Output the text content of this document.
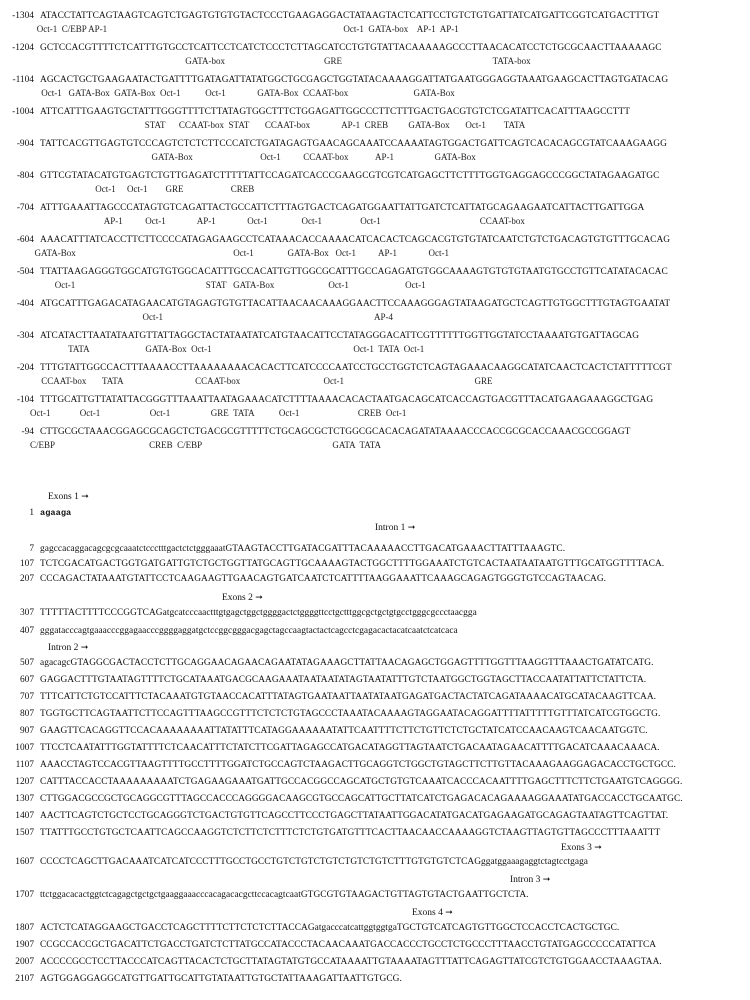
-1304 ATACCTATTCAGTAAGTCAGTCTGAGTGTGTGTACTCCCTGAAGAGGACTATAAGTACTCATTCCTGTCTGTGATTATCATGATTCGGTCATGACTTTGT
Oct-1  C/EBP AP-1                                                                                                         Oct-1  GATA-box    AP-1  AP-1
-1204 GCTCCACGTTTTCTCATTTGTGCCTCATTCCTCATCTCCCTCTTAGCATCCTGTGTATTACAAAAAGCCCTTAACACATCCTCTGCGCAACTTAAAAAGC
GATA-box                                            GRE                                                                   TATA-box
-1104 AGCACTGCTGAAGAATACTGATTTTGATAGATTATATGGCTGCGAGCTGGTATACAAAAGGATTATGAATGGGAGGTAAATGAAGCACTTAGTGATACAG
Oct-1   GATA-Box  GATA-Box  Oct-1           Oct-1              GATA-Box  CCAAT-box                             GATA-Box
-1004 ATTCATTTGAAGTGCTATTTGGGTTTTCTTATAGTGGCTTTCTGGAGATTGGCCCTTCTTTGACTGACGTGTCTCGATATTCACATTTAAGCCTTT
STAT      CCAAT-box  STAT       CCAAT-box              AP-1  CREB         GATA-Box       Oct-1        TATA
-904 TATTCACGTTGAGTGTCCCAGTCTCTCTTCCCATCTGATAGAGTGAACAGCAAATCCAAAATAGTGGACTGATTCAGTCACACAGCGTATCAAAGAAGG
GATA-Box                              Oct-1          CCAAT-box            AP-1                  GATA-Box
-804 GTTCGTATACATGTGAGTCTGTTGAGATCTTTTTATTCCAGATCACCCGAAGCGTCGTCATGAGCTTCTTTTGGTGAGGAGCCCGGCTATAGAAGATGC
Oct-1     Oct-1        GRE                     CREB
-704 ATTTGAAATTAGCCCATAGTGTCAGATTACTGCCATTCTTTAGTGACTCAGATGGAATTATTGATCTCATTATGCAGAAGAATCATTACTTGATTGGA
AP-1          Oct-1              AP-1              Oct-1               Oct-1                 Oct-1                                            CCAAT-box
-604 AAACATTTATCACCTTCTTCCCCATAGAGAAGCCTCATAAACACCAAAACATCACACTCAGCACGTGTGTATCAATCTGTCTGACAGTGTGTTTGCACAG
GATA-Box                                                                      Oct-1               GATA-Box   Oct-1          AP-1              Oct-1
-504 TTATTAAGAGGGTGGCATGTGTGGCACATTTGCCACATTGTTGGCGCATTTGCCAGAGATGTGGCAAAAGTGTGTGTAATGTGCCTGTTCATATACACAC
Oct-1                                                          STAT   GATA-Box                        Oct-1                         Oct-1
-404 ATGCATTTGAGACATAGAACATGTAGAGTGTGTTACATTAACAACAAAGGAACTTCCAAAGGGAGTATAAGATGCTCAGTTGTGGCTTTGTAGTGAATAT
Oct-1                                                                                              AP-4
-304 ATCATACTTAATATAATGTTATTAGGCTACTATAATATCATGTAACATTCCTATAGGGACATTCGTTTTTTGGTTGGTATCCTAAAATGTGATTAGCAG
TATA                         GATA-Box  Oct-1                                                               Oct-1  TATA  Oct-1
-204 TTTGTATTGGCCACTTTAAAACCTTAAAAAAAACACACTTCATCCCCAATCCTGCCTGGTCTCAGTAGAAACAAGGCATATCAACTCACTCTATTTTTCGT
CCAAT-box       TATA                                CCAAT-box                                     Oct-1                                                          GRE
-104 TTTGCATTGTTATATTACGGGTTTAAATTAATAGAAACATCTTTTAAAACACACTAATGACAGCATCACCAGTGACGTTTACATGAAGAAAGGCTGAG
Oct-1             Oct-1                      Oct-1                  GRE  TATA           Oct-1                          CREB  Oct-1
-94 CTTGCGCTAAACGGAGCGCAGCTCTGACGCGTTTTTCTGCAGCGCTCTGGCGCACACAGATATAAAACCCACCGCGCACCAAACGCCGGAGT
C/EBP                                          CREB  C/EBP                                                          GATA  TATA
Exons 1 ➞
1 agaaga
Intron 1 ➞
7 gagccacaggacagcgcgcaaatctccctttgactctctgggaaatGTAAGTACCTTGATACGATTTACAAAAACCTTGACATGAAACTTATTTAAAGTC.
107 TCTCGACATGACTGGTGATGATTGTCTGCTGGTTATGCAGTTGCAAAAGTACTGGCTTTTGGAAATCTGTCACTAATAATAATGTTTGCATGGTTTTACA.
207 CCCAGACTATAAATGTATTCCTCAAGAAGTTGAACAGTGATCAATCTCATTTTAAGGAAATTCAAAGCAGAGTGGGTGTCCAGTAACAG.
Exons 2 ➞
307 TTTTTACTTTTCCCGGTCAGatgcatcccaactttgtgagctggctggggactctggggttcctgctttggcgctgctgtgcctgggcgccctaacgga
407 gggatacccagtgaaacccggagaacccggggaggatgctccggcgggacgagctagccaagtactactcagcctcgagacactacatcaatctcatcaca
Intron 2 ➞
507 agacagcGTAGGCGACTACCTCTTGCAGGAACAGAACAGAATATAGAAAGCTTATTAACAGAGCTGGAGTTTTGGTTTAAGGTTTAAACTGATATCATG.
607 GAGGACTTTGTAATAGTTTTCTGCATAAATGACGCAAGAAATAATAATATAGTAATATTTGTCTAATGGCTGGTAGCTTACCAATATTATTCTATTCTA.
707 TTTCATTCTGTCCATTTCTACAAATGTGTAACCACATTTATAGTGAATAATTAATATAATGAGATGACTACTATCAGATAAAACATGCATACAAGTTCAA.
807 TGGTGCTTCAGTAATTCTTCCAGTTTAAGCCGTTTCTCTCTGTAGCCCTAAATACAAAAGTAGGAATACAGGATTTTATTTTTGTTTATCATCGTGGCTG.
907 GAAGTTCACAGGTTCCACAAAAAAAATTATATTTCATAGGAAAAAATATTCAATTTTCTTCTGTTCTCTGCTATCATCCAACAAGTCAACAATGGTC.
1007 TTCCTCAATATTTGGTATTTTCTCAACATTTCTATCTTCGATTAGAGCCATGACATAGGTTAGTAATCTGACAATAGAACATTTTGACATCAAACAAACA.
1107 AAACCTAGTCCACGTTAAGTTTTGCCTTTTGGATCTGCCAGTCTAAGACTTGCAGGTCTGGCTGTAGCTTCTTGTTACAAAGAAGGAGACACCTGCTGCC.
1207 CATTTACCACCTAAAAAAAAATCTGAGAAGAAATGATTGCCACGGCCAGCATGCTGTGTCAAATCACCCACAATTTTGAGCTTTCTTCTGAATGTCAGGGG.
1307 CTTGGACGCCGCTGCAGGCGTTTAGCCACCCAGGGGACAAGCGTGCCAGCATTGCTTATCATCTGAGACACAGAAAAGGAAATATGACCACCTGCAATGC.
1407 AACTTCAGTCTGCTCCTGCAGGGTCTGACTGTGTTCAGCCTTCCCTGAGCTTATAATTGGACATATGACATGAGAAGATGCAGAGTAATAGTTCAGTTAT.
1507 TTATTTGCCTGTGCTCAATTCAGCCAAGGTCTCTTCTCTTTCTCTGTGATGTTTCACTTAACAACCAAAAGGTCTAAGTTAGTGTTAGCCCTTTAAATTT
Exons 3 ➞
1607 CCCCTCAGCTTGACAAATCATCATCCCTTTGCCTGCCTGTCTGTCTGTCTGTCTGTCTTTGTGTGTCTCAGggatggaaagaggtctagtcctgaga
Intron 3 ➞
1707 ttctggacacactggtctcagagctgctgctgaaggaaacccacagacacgcttccacagtcaatGTGCGTGTAAGACTGTTAGTGTACTGAATTGCTCTA.
Exons 4 ➞
1807 ACTCTCATAGGAAGCTGACCTCAGCTTTTCTTCTCTCTTACCAGatgacccatcattggtggtgaTGCTGTCATCAGTGTTGGCTCCACCTCACTGCTGC.
1907 CCGCCACCGCTGACATTCTGACCTGATCTCTTATGCCATACCCTACAACAAATGACCACCCTGCCTCTGCCCTTTAACCTGTATGAGCCCCCATATTCA
2007 ACCCCGCCTCCTTACCCATCAGTTACACTCTGCTTATAGTATGTGCCATAAAATTGTAAAATAGTTTATTCAGAGTTATCGTCTGTGGAACCTAAAGTAA.
2107 AGTGGAGGAGGCATGTTGATTGCATTGTATAATTGTGCTATTAAAGATTAATTGTGCG.
